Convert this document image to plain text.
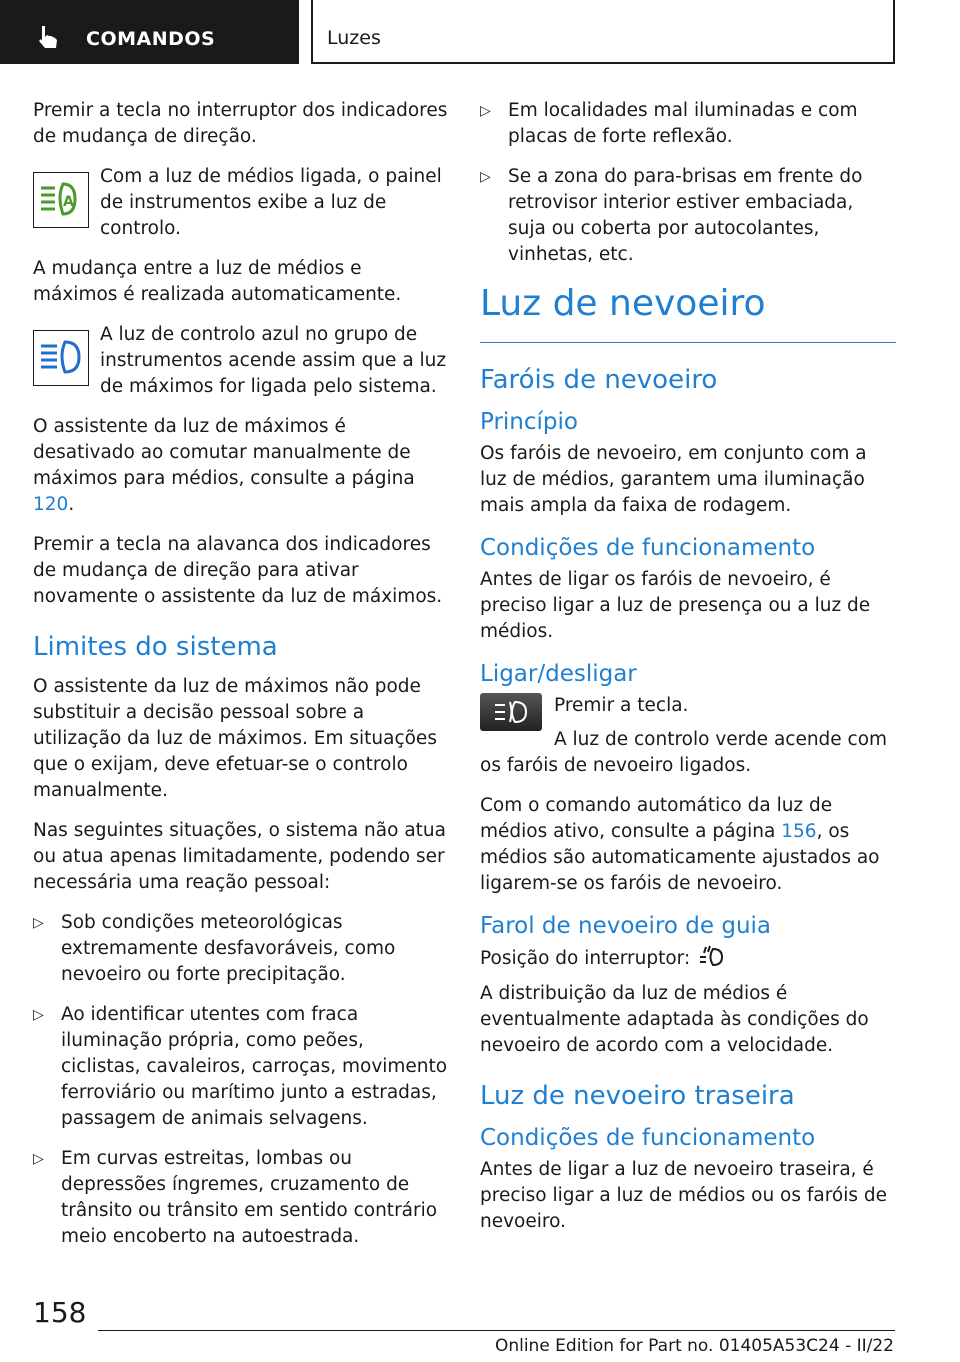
COMANDOS	Luzes

Premir a tecla no interruptor dos indicadores de mudança de direção.

A
Com a luz de médios ligada, o painel de instrumentos exibe a luz de controlo.

A mudança entre a luz de médios e máximos é realizada automaticamente.

A luz de controlo azul no grupo de instrumentos acende assim que a luz de máximos for ligada pelo sistema.

O assistente da luz de máximos é desativado ao comutar manualmente de máximos para médios, consulte a página 120.

Premir a tecla na alavanca dos indicadores de mudança de direção para ativar novamente o assistente da luz de máximos.

Limites do sistema

O assistente da luz de máximos não pode substituir a decisão pessoal sobre a utilização da luz de máximos. Em situações que o exijam, deve efetuar-se o controlo manualmente.

Nas seguintes situações, o sistema não atua ou atua apenas limitadamente, podendo ser necessária uma reação pessoal:

▷ Sob condições meteorológicas extremamente desfavoráveis, como nevoeiro ou forte precipitação.
▷ Ao identificar utentes com fraca iluminação própria, como peões, ciclistas, cavaleiros, carroças, movimento ferroviário ou marítimo junto a estradas, passagem de animais selvagens.
▷ Em curvas estreitas, lombas ou depressões íngremes, cruzamento de trânsito ou trânsito em sentido contrário meio encoberto na autoestrada.
▷ Em localidades mal iluminadas e com placas de forte reflexão.
▷ Se a zona do para-brisas em frente do retrovisor interior estiver embaciada, suja ou coberta por autocolantes, vinhetas, etc.
Luz de nevoeiro
Faróis de nevoeiro
Princípio

Os faróis de nevoeiro, em conjunto com a luz de médios, garantem uma iluminação mais ampla da faixa de rodagem.

Condições de funcionamento

Antes de ligar os faróis de nevoeiro, é preciso ligar a luz de presença ou a luz de médios.

Ligar/desligar

Premir a tecla.

A luz de controlo verde acende com os faróis de nevoeiro ligados.

Com o comando automático da luz de médios ativo, consulte a página 156, os médios são automaticamente ajustados ao ligarem-se os faróis de nevoeiro.

Farol de nevoeiro de guia

Posição do interruptor:

A distribuição da luz de médios é eventualmente adaptada às condições do nevoeiro de acordo com a velocidade.

Luz de nevoeiro traseira
Condições de funcionamento

Antes de ligar a luz de nevoeiro traseira, é preciso ligar a luz de médios ou os faróis de nevoeiro.

158
Online Edition for Part no. 01405A53C24 - II/22
